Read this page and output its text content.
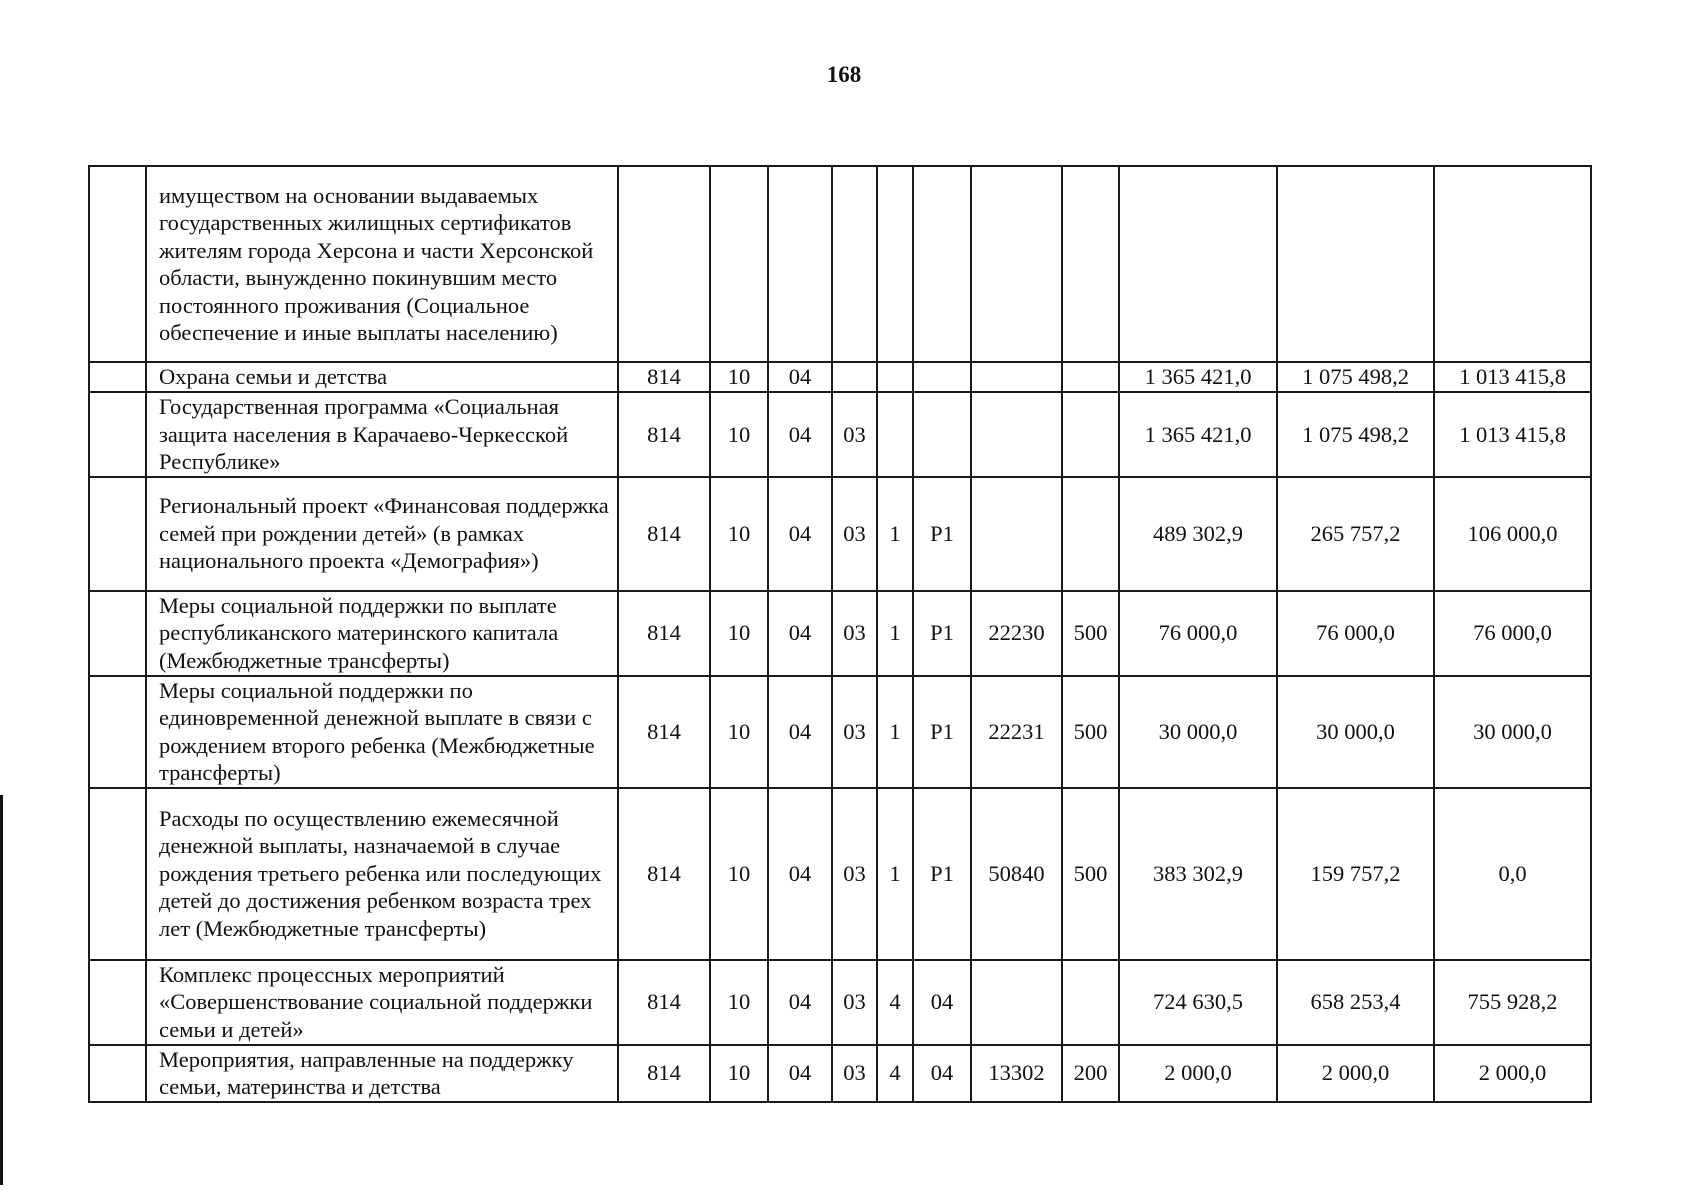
168
	имуществом на основании выдаваемых государственных жилищных сертификатов жителям города Херсона и части Херсонской области, вынужденно покинувшим место постоянного проживания (Социальное обеспечение и иные выплаты населению)											
	Охрана семьи и детства	814	10	04						1 365 421,0	1 075 498,2	1 013 415,8
	Государственная программа «Социальная защита населения в Карачаево-Черкесской Республике»	814	10	04	03					1 365 421,0	1 075 498,2	1 013 415,8
	Региональный проект «Финансовая поддержка семей при рождении детей» (в рамках национального проекта «Демография»)	814	10	04	03	1	P1			489 302,9	265 757,2	106 000,0
	Меры социальной поддержки по выплате республиканского материнского капитала (Межбюджетные трансферты)	814	10	04	03	1	P1	22230	500	76 000,0	76 000,0	76 000,0
	Меры социальной поддержки по единовременной денежной выплате в связи с рождением второго ребенка (Межбюджетные трансферты)	814	10	04	03	1	P1	22231	500	30 000,0	30 000,0	30 000,0
	Расходы по осуществлению ежемесячной денежной выплаты, назначаемой в случае рождения третьего ребенка или последующих детей до достижения ребенком возраста трех лет (Межбюджетные трансферты)	814	10	04	03	1	P1	50840	500	383 302,9	159 757,2	0,0
	Комплекс процессных мероприятий «Совершенствование социальной поддержки семьи и детей»	814	10	04	03	4	04			724 630,5	658 253,4	755 928,2
	Мероприятия, направленные на поддержку семьи, материнства и детства	814	10	04	03	4	04	13302	200	2 000,0	2 000,0	2 000,0
